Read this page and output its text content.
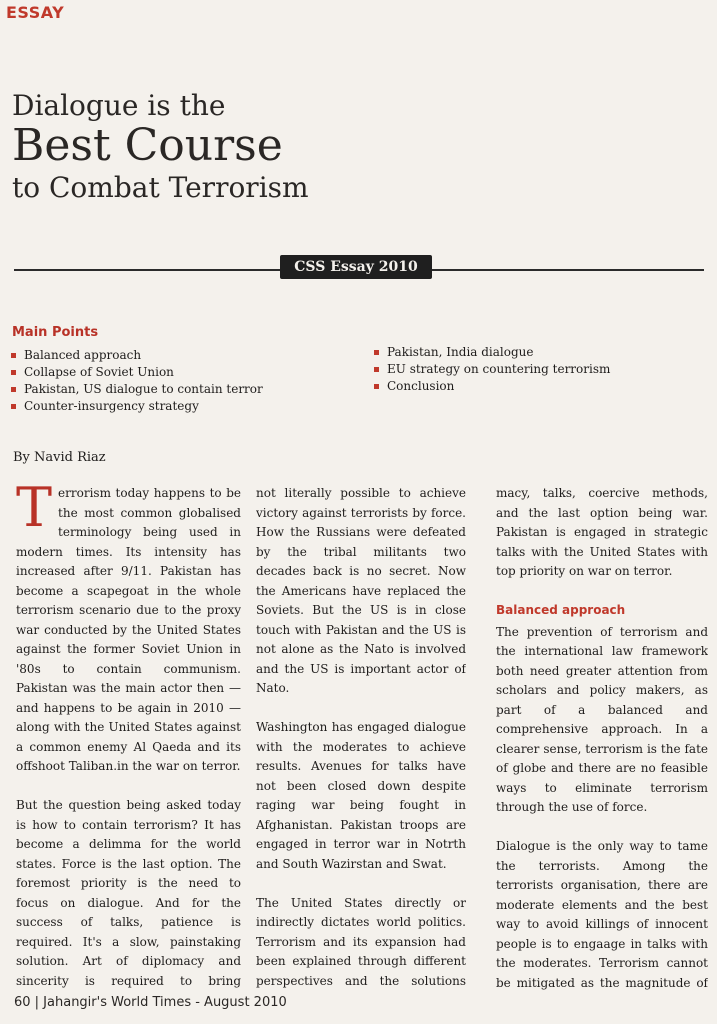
ESSAY
Dialogue is the
Best Course
to Combat Terrorism
CSS Essay 2010
Main Points
Balanced approach
Collapse of Soviet Union
Pakistan, US dialogue to contain terror
Counter-insurgency strategy
Pakistan, India dialogue
EU strategy on countering terrorism
Conclusion
By Navid Riaz

Terrorism today happens to be the most common globalised terminology being used in modern times. Its intensity has increased after 9/11. Pakistan has become a scapegoat in the whole terrorism scenario due to the proxy war conducted by the United States against the former Soviet Union in '80s to contain communism. Pakistan was the main actor then — and happens to be again in 2010 — along with the United States against a common enemy Al Qaeda and its offshoot Taliban.in the war on terror.

But the question being asked today is how to contain terrorism? It has become a delimma for the world states. Force is the last option. The foremost priority is the need to focus on dialogue. And for the success of talks, patience is required. It's a slow, painstaking solution. Art of diplomacy and sincerity is required to bring

not literally possible to achieve victory against terrorists by force. How the Russians were defeated by the tribal militants two decades back is no secret. Now the Americans have replaced the Soviets. But the US is in close touch with Pakistan and the US is not alone as the Nato is involved and the US is important actor of Nato.

Washington has engaged dialogue with the moderates to achieve results. Avenues for talks have not been closed down despite raging war being fought in Afghanistan. Pakistan troops are engaged in terror war in Notrth and South Wazirstan and Swat.

The United States directly or indirectly dictates world politics. Terrorism and its expansion had been explained through different perspectives and the solutions

macy, talks, coercive methods, and the last option being war. Pakistan is engaged in strategic talks with the United States with top priority on war on terror.

Balanced approach

The prevention of terrorism and the international law framework both need greater attention from scholars and policy makers, as part of a balanced and comprehensive approach. In a clearer sense, terrorism is the fate of globe and there are no feasible ways to eliminate terrorism through the use of force.

Dialogue is the only way to tame the terrorists. Among the terrorists organisation, there are moderate elements and the best way to avoid killings of innocent people is to engaage in talks with the moderates. Terrorism cannot be mitigated as the magnitude of

60 | Jahangir's World Times - August 2010
